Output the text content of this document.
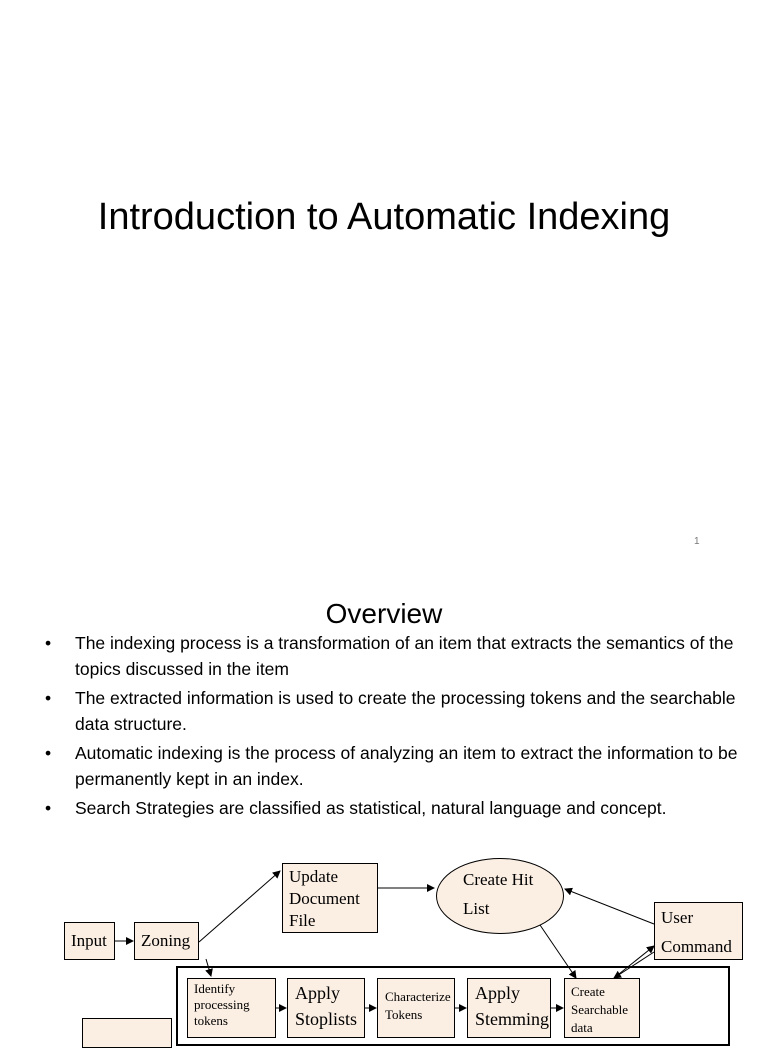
Introduction to Automatic Indexing
1
Overview
• The indexing process is a transformation of an item that extracts the semantics of the topics discussed in the item
• The extracted information is used to create the processing tokens and the searchable data structure.
• Automatic indexing is the process of analyzing an item to extract the information to be permanently kept in an index.
• Search Strategies are classified as statistical, natural language and concept.
Input	Zoning
Update Document File
Create Hit List	User Command
Identify processing tokens
Apply Stoplists
Characterize Tokens
Apply Stemming
Create Searchable data
